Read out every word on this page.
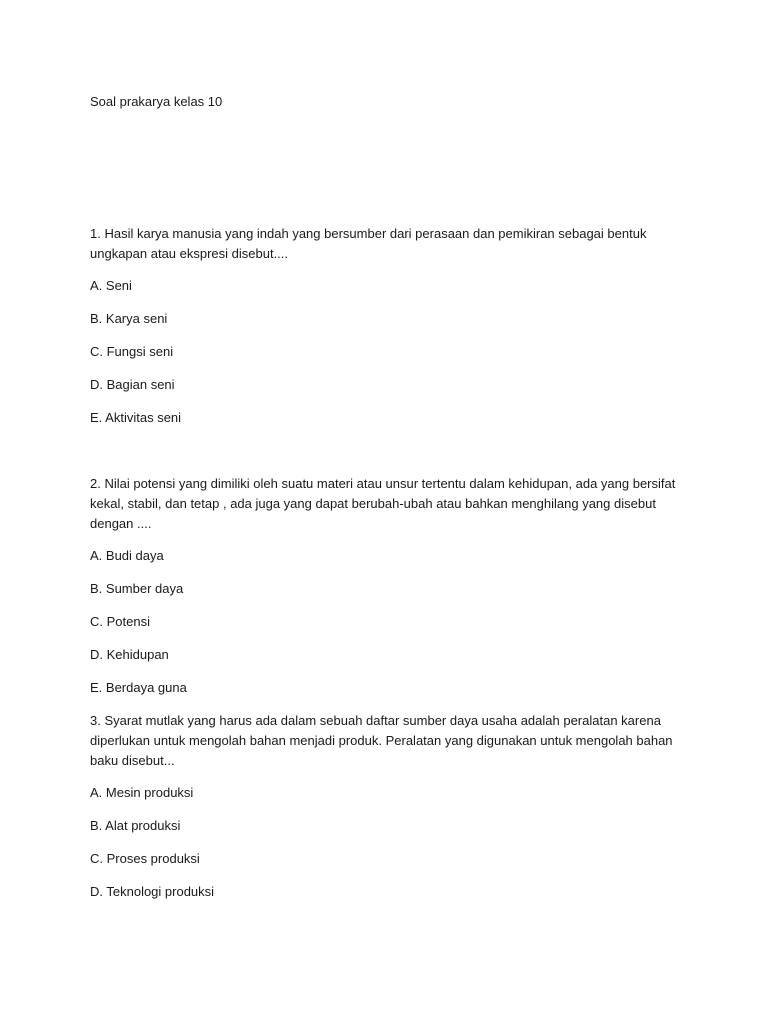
Soal prakarya kelas 10
1. Hasil karya manusia yang indah yang bersumber dari perasaan dan pemikiran sebagai bentuk ungkapan atau ekspresi disebut....
A. Seni
B. Karya seni
C. Fungsi seni
D. Bagian seni
E. Aktivitas seni
2. Nilai potensi yang dimiliki oleh suatu materi atau unsur tertentu dalam kehidupan, ada yang bersifat kekal, stabil, dan tetap , ada juga yang dapat berubah-ubah atau bahkan menghilang yang disebut dengan ....
A. Budi daya
B. Sumber daya
C. Potensi
D. Kehidupan
E. Berdaya guna
3. Syarat mutlak yang harus ada dalam sebuah daftar sumber daya usaha adalah peralatan karena diperlukan untuk mengolah bahan menjadi produk. Peralatan yang digunakan untuk mengolah bahan baku disebut...
A. Mesin produksi
B. Alat produksi
C. Proses produksi
D. Teknologi produksi
